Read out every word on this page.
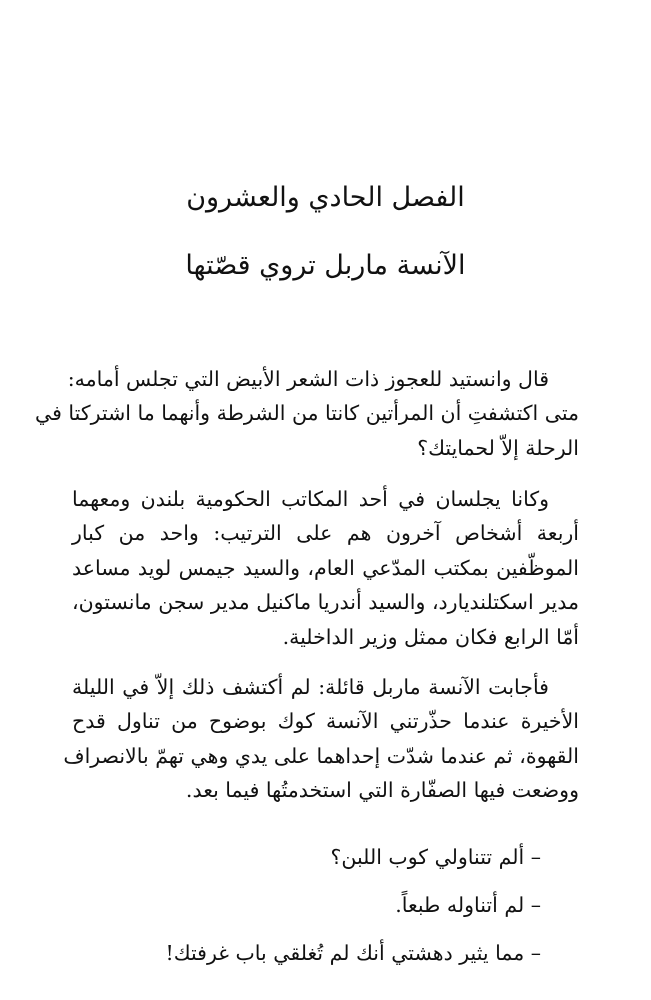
الفصل الحادي والعشرون
الآنسة ماربل تروي قصّتها

قال وانستيد للعجوز ذات الشعر الأبيض التي تجلس أمامه:
متى اكتشفتِ أن المرأتين كانتا من الشرطة وأنهما ما اشتركتا في
الرحلة إلاّ لحمايتك؟

وكانا يجلسان في أحد المكاتب الحكومية بلندن ومعهما
أربعة أشخاص آخرون هم على الترتيب: واحد من كبار
الموظّفين بمكتب المدّعي العام، والسيد جيمس لويد مساعد
مدير اسكتلنديارد، والسيد أندريا ماكنيل مدير سجن مانستون،
أمّا الرابع فكان ممثل وزير الداخلية.

فأجابت الآنسة ماربل قائلة: لم أكتشف ذلك إلاّ في الليلة
الأخيرة عندما حذّرتني الآنسة كوك بوضوح من تناول قدح
القهوة، ثم عندما شدّت إحداهما على يدي وهي تهمّ بالانصراف
ووضعت فيها الصفّارة التي استخدمتُها فيما بعد.

– ألم تتناولي كوب اللبن؟
– لم أتناوله طبعاً.
– مما يثير دهشتي أنك لم تُغلقي باب غرفتك!
